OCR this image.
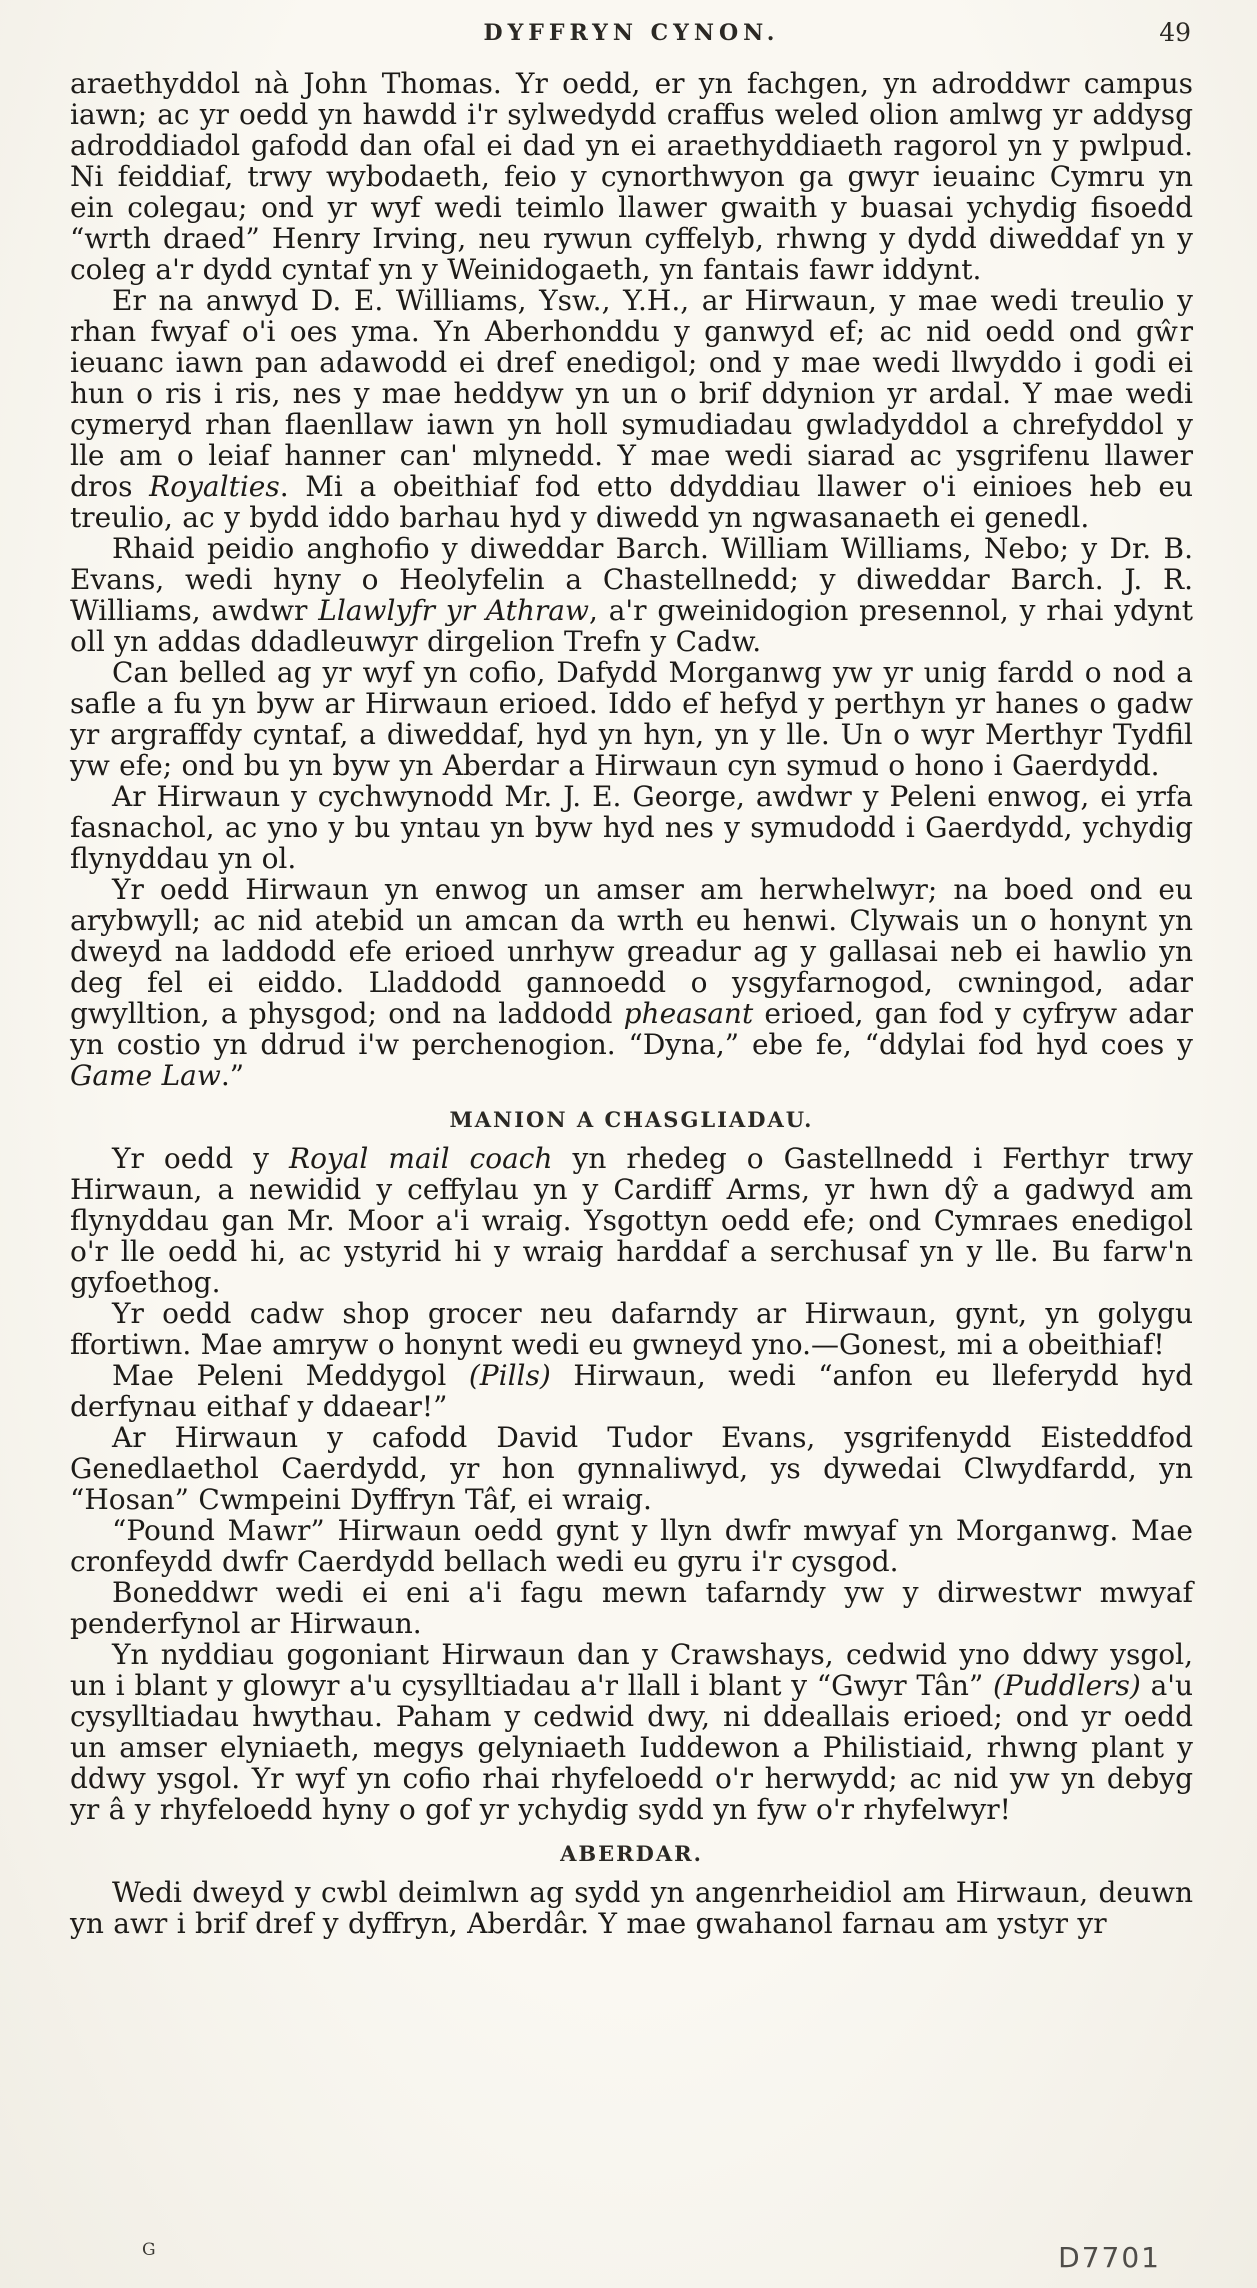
DYFFRYN CYNON.	49

araethyddol nà John Thomas. Yr oedd, er yn fachgen, yn adroddwr campus iawn; ac yr oedd yn hawdd i'r sylwedydd craffus weled olion amlwg yr addysg adroddiadol gafodd dan ofal ei dad yn ei araethyddiaeth ragorol yn y pwlpud. Ni feiddiaf, trwy wybodaeth, feio y cynorthwyon ga gwyr ieuainc Cymru yn ein colegau; ond yr wyf wedi teimlo llawer gwaith y buasai ychydig fisoedd “wrth draed” Henry Irving, neu rywun cyffelyb, rhwng y dydd diweddaf yn y coleg a'r dydd cyntaf yn y Weinidogaeth, yn fantais fawr iddynt.

Er na anwyd D. E. Williams, Ysw., Y.H., ar Hirwaun, y mae wedi treulio y rhan fwyaf o'i oes yma. Yn Aberhonddu y ganwyd ef; ac nid oedd ond gŵr ieuanc iawn pan adawodd ei dref enedigol; ond y mae wedi llwyddo i godi ei hun o ris i ris, nes y mae heddyw yn un o brif ddynion yr ardal. Y mae wedi cymeryd rhan flaenllaw iawn yn holl symudiadau gwladyddol a chrefyddol y lle am o leiaf hanner can' mlynedd. Y mae wedi siarad ac ysgrifenu llawer dros Royalties. Mi a obeithiaf fod etto ddyddiau llawer o'i einioes heb eu treulio, ac y bydd iddo barhau hyd y diwedd yn ngwasanaeth ei genedl.

Rhaid peidio anghofio y diweddar Barch. William Williams, Nebo; y Dr. B. Evans, wedi hyny o Heolyfelin a Chastellnedd; y diweddar Barch. J. R. Williams, awdwr Llawlyfr yr Athraw, a'r gweinidogion presennol, y rhai ydynt oll yn addas ddadleuwyr dirgelion Trefn y Cadw.

Can belled ag yr wyf yn cofio, Dafydd Morganwg yw yr unig fardd o nod a safle a fu yn byw ar Hirwaun erioed. Iddo ef hefyd y perthyn yr hanes o gadw yr argraffdy cyntaf, a diweddaf, hyd yn hyn, yn y lle. Un o wyr Merthyr Tydfil yw efe; ond bu yn byw yn Aberdar a Hirwaun cyn symud o hono i Gaerdydd.

Ar Hirwaun y cychwynodd Mr. J. E. George, awdwr y Peleni enwog, ei yrfa fasnachol, ac yno y bu yntau yn byw hyd nes y symudodd i Gaerdydd, ychydig flynyddau yn ol.

Yr oedd Hirwaun yn enwog un amser am herwhelwyr; na boed ond eu arybwyll; ac nid atebid un amcan da wrth eu henwi. Clywais un o honynt yn dweyd na laddodd efe erioed unrhyw greadur ag y gallasai neb ei hawlio yn deg fel ei eiddo. Lladdodd gannoedd o ysgyfarnogod, cwningod, adar gwylltion, a physgod; ond na laddodd pheasant erioed, gan fod y cyfryw adar yn costio yn ddrud i'w perchenogion. “Dyna,” ebe fe, “ddylai fod hyd coes y Game Law.”

MANION A CHASGLIADAU.

Yr oedd y Royal mail coach yn rhedeg o Gastellnedd i Ferthyr trwy Hirwaun, a newidid y ceffylau yn y Cardiff Arms, yr hwn dŷ a gadwyd am flynyddau gan Mr. Moor a'i wraig. Ysgottyn oedd efe; ond Cymraes enedigol o'r lle oedd hi, ac ystyrid hi y wraig harddaf a serchusaf yn y lle. Bu farw'n gyfoethog.

Yr oedd cadw shop grocer neu dafarndy ar Hirwaun, gynt, yn golygu ffortiwn. Mae amryw o honynt wedi eu gwneyd yno.—Gonest, mi a obeithiaf!

Mae Peleni Meddygol (Pills) Hirwaun, wedi “anfon eu lleferydd hyd derfynau eithaf y ddaear!”

Ar Hirwaun y cafodd David Tudor Evans, ysgrifenydd Eisteddfod Genedlaethol Caerdydd, yr hon gynnaliwyd, ys dywedai Clwydfardd, yn “Hosan” Cwmpeini Dyffryn Tâf, ei wraig.

“Pound Mawr” Hirwaun oedd gynt y llyn dwfr mwyaf yn Morganwg. Mae cronfeydd dwfr Caerdydd bellach wedi eu gyru i'r cysgod.

Boneddwr wedi ei eni a'i fagu mewn tafarndy yw y dirwestwr mwyaf penderfynol ar Hirwaun.

Yn nyddiau gogoniant Hirwaun dan y Crawshays, cedwid yno ddwy ysgol, un i blant y glowyr a'u cysylltiadau a'r llall i blant y “Gwyr Tân” (Puddlers) a'u cysylltiadau hwythau. Paham y cedwid dwy, ni ddeallais erioed; ond yr oedd un amser elyniaeth, megys gelyniaeth Iuddewon a Philistiaid, rhwng plant y ddwy ysgol. Yr wyf yn cofio rhai rhyfeloedd o'r herwydd; ac nid yw yn debyg yr â y rhyfeloedd hyny o gof yr ychydig sydd yn fyw o'r rhyfelwyr!

ABERDAR.

Wedi dweyd y cwbl deimlwn ag sydd yn angenrheidiol am Hirwaun, deuwn yn awr i brif dref y dyffryn, Aberdâr. Y mae gwahanol farnau am ystyr yr

G	D7701
